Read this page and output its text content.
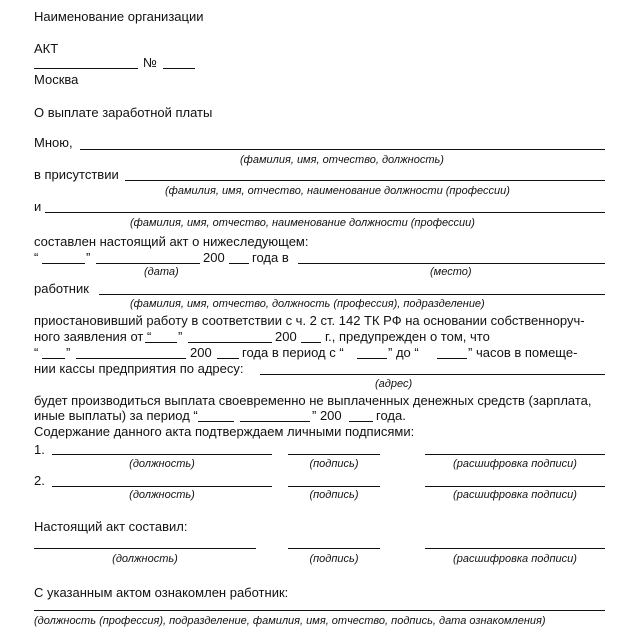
Наименование организации
АКТ
№
Москва
О выплате заработной платы
Мною,
(фамилия, имя, отчество, должность)
в присутствии
(фамилия, имя, отчество, наименование должности (профессии)
и
(фамилия, имя, отчество, наименование должности (профессии)
составлен настоящий акт о нижеследующем:
“	”	200 года в
(дата)	(место)
работник
(фамилия, имя, отчество, должность (профессия), подразделение)
приостановивший работу в соответствии с ч. 2 ст. 142 ТК РФ на основании собственноруч-
ного заявления от “ ”	200 г., предупрежден о том, что
“ ”	200 года в период с “	” до “	” часов в помеще-
нии кассы предприятия по адресу:
(адрес)
будет производиться выплата своевременно не выплаченных денежных средств (зарплата,
иные выплаты) за период “	” 200	года.
Содержание данного акта подтверждаем личными подписями:
1.
(должность)	(подпись)	(расшифровка подписи)
2.
(должность)	(подпись)	(расшифровка подписи)
Настоящий акт составил:
(должность)	(подпись)	(расшифровка подписи)
С указанным актом ознакомлен работник:
(должность (профессия), подразделение, фамилия, имя, отчество, подпись, дата ознакомления)
